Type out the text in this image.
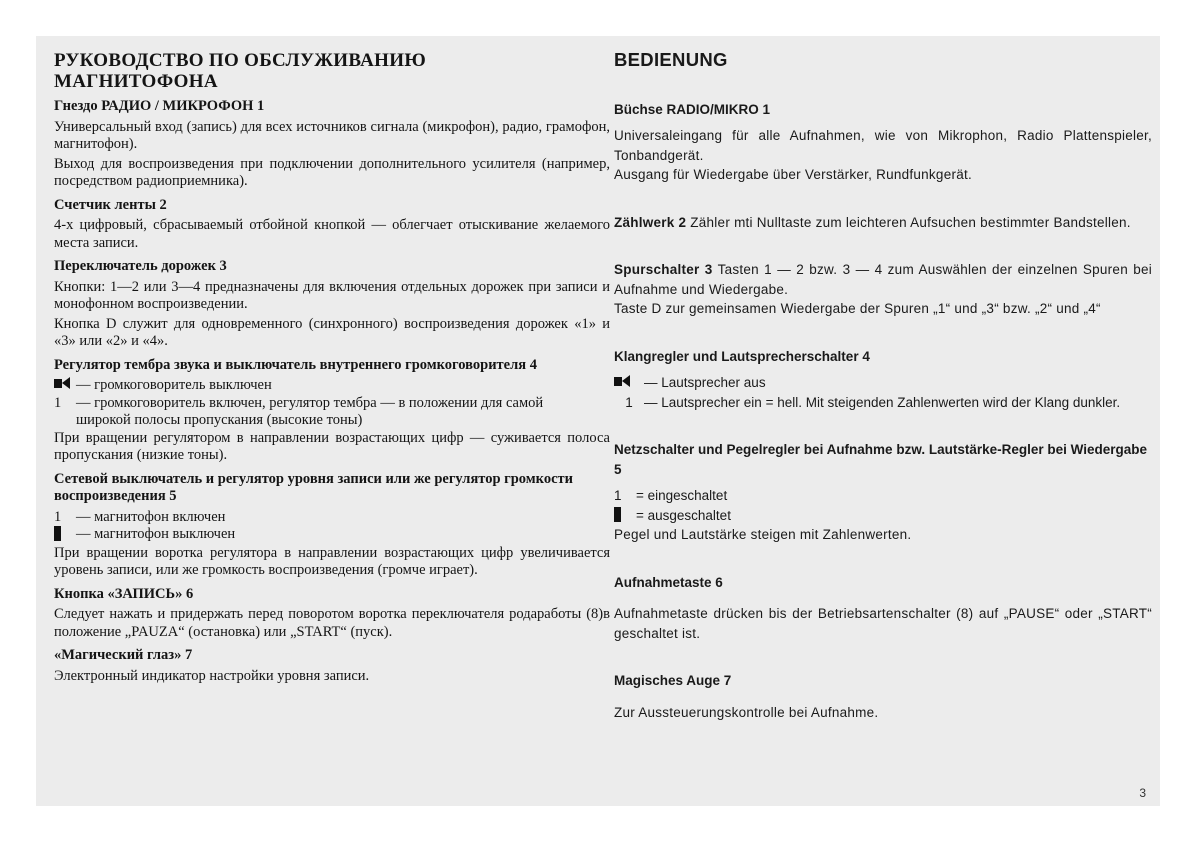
РУКОВОДСТВО ПО ОБСЛУЖИВАНИЮ
МАГНИТОФОНА
Гнездо РАДИО / МИКРОФОН 1

Универсальный вход (запись) для всех источников сигнала (микрофон), радио, грамофон, магнитофон).

Выход для воспроизведения при подключении дополнительного усилителя (например, посредством радиоприемника).

Счетчик ленты 2

4-х цифровый, сбрасываемый отбойной кнопкой — облегчает отыскивание желаемого места записи.

Переключатель дорожек 3

Кнопки: 1—2 или 3—4 предназначены для включения отдельных дорожек при записи и монофонном воспроизведении.

Кнопка D служит для одновременного (синхронного) воспроизведения дорожек «1» и «3» или «2» и «4».

Регулятор тембра звука и выключатель внутреннего громкоговорителя 4
— громкоговоритель выключен
1	— громкоговоритель включен, регулятор тембра — в положении для самой широкой полосы пропускания (высокие тоны)

При вращении регулятором в направлении возрастающих цифр — суживается полоса пропускания (низкие тоны).

Сетевой выключатель и регулятор уровня записи или же регулятор громкости воспроизведения 5
1	— магнитофон включен
— магнитофон выключен

При вращении воротка регулятора в направлении возрастающих цифр увеличивается уровень записи, или же громкость воспроизведения (громче играет).

Кнопка «ЗАПИСЬ» 6

Следует нажать и придержать перед поворотом воротка переключателя родаработы (8)в положение „PAUZA“ (остановка) или „START“ (пуск).

«Магический глаз» 7

Электронный индикатор настройки уровня записи.

BEDIENUNG
Büchse RADIO/MIKRO 1

Universaleingang für alle Aufnahmen, wie von Mikrophon, Radio Plattenspieler, Tonbandgerät.

Ausgang für Wiedergabe über Verstärker, Rundfunkgerät.

Zählwerk 2 Zähler mti Nulltaste zum leichteren Aufsuchen bestimmter Bandstellen.

Spurschalter 3 Tasten 1 — 2 bzw. 3 — 4 zum Auswählen der einzelnen Spuren bei Aufnahme und Wiedergabe.

Taste D zur gemeinsamen Wiedergabe der Spuren „1“ und „3“ bzw. „2“ und „4“

Klangregler und Lautsprecherschalter 4
— Lautsprecher aus
1 — Lautsprecher ein = hell. Mit steigenden Zahlenwerten wird der Klang dunkler.
Netzschalter und Pegelregler bei Aufnahme bzw. Lautstärke-Regler bei Wiedergabe 5
1	= eingeschaltet
= ausgeschaltet

Pegel und Lautstärke steigen mit Zahlenwerten.

Aufnahmetaste 6

Aufnahmetaste drücken bis der Betriebsartenschalter (8) auf „PAUSE“ oder „START“ geschaltet ist.

Magisches Auge 7

Zur Aussteuerungskontrolle bei Aufnahme.

3
